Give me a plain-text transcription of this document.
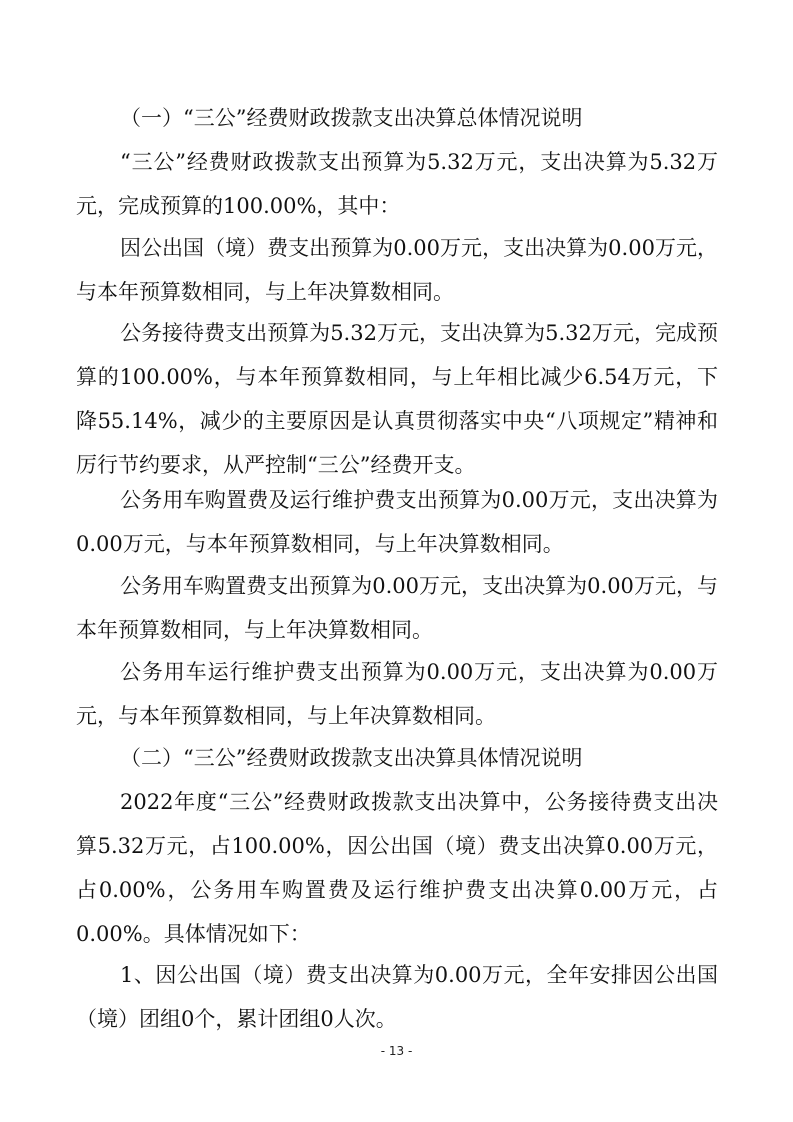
（一）“三公”经费财政拨款支出决算总体情况说明

“三公”经费财政拨款支出预算为5.32万元，支出决算为5.32万元，完成预算的100.00%，其中：

因公出国（境）费支出预算为0.00万元，支出决算为0.00万元，与本年预算数相同，与上年决算数相同。

公务接待费支出预算为5.32万元，支出决算为5.32万元，完成预算的100.00%，与本年预算数相同，与上年相比减少6.54万元，下降55.14%，减少的主要原因是认真贯彻落实中央“八项规定”精神和厉行节约要求，从严控制“三公”经费开支。

公务用车购置费及运行维护费支出预算为0.00万元，支出决算为0.00万元，与本年预算数相同，与上年决算数相同。

公务用车购置费支出预算为0.00万元，支出决算为0.00万元，与本年预算数相同，与上年决算数相同。

公务用车运行维护费支出预算为0.00万元，支出决算为0.00万元，与本年预算数相同，与上年决算数相同。

（二）“三公”经费财政拨款支出决算具体情况说明

2022年度“三公”经费财政拨款支出决算中，公务接待费支出决算5.32万元，占100.00%，因公出国（境）费支出决算0.00万元，占0.00%，公务用车购置费及运行维护费支出决算0.00万元，占0.00%。具体情况如下：

1、因公出国（境）费支出决算为0.00万元，全年安排因公出国（境）团组0个，累计团组0人次。

- 13 -
